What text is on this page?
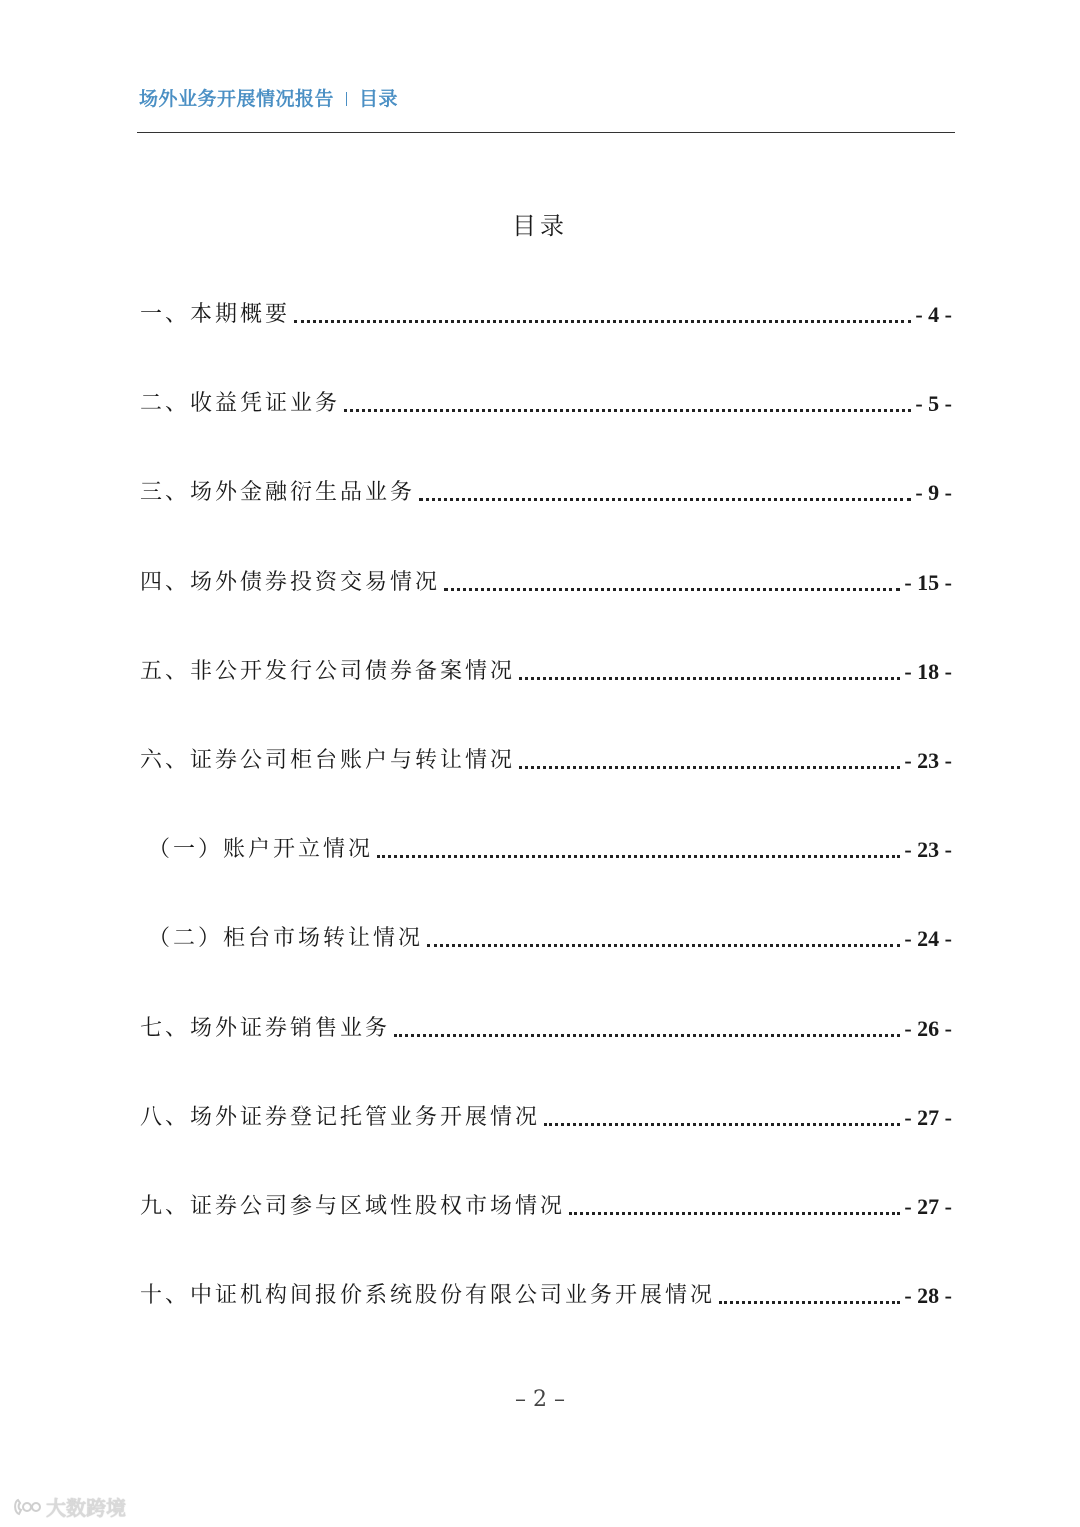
场外业务开展情况报告 目录
目录
一、本期概要	- 4 -
二、收益凭证业务	- 5 -
三、场外金融衍生品业务	- 9 -
四、场外债券投资交易情况	- 15 -
五、非公开发行公司债券备案情况	- 18 -
六、证券公司柜台账户与转让情况	- 23 -
（一）账户开立情况	- 23 -
（二）柜台市场转让情况	- 24 -
七、场外证券销售业务	- 26 -
八、场外证券登记托管业务开展情况	- 27 -
九、证券公司参与区域性股权市场情况	- 27 -
十、中证机构间报价系统股份有限公司业务开展情况	- 28 -
– 2 –
大数跨境
